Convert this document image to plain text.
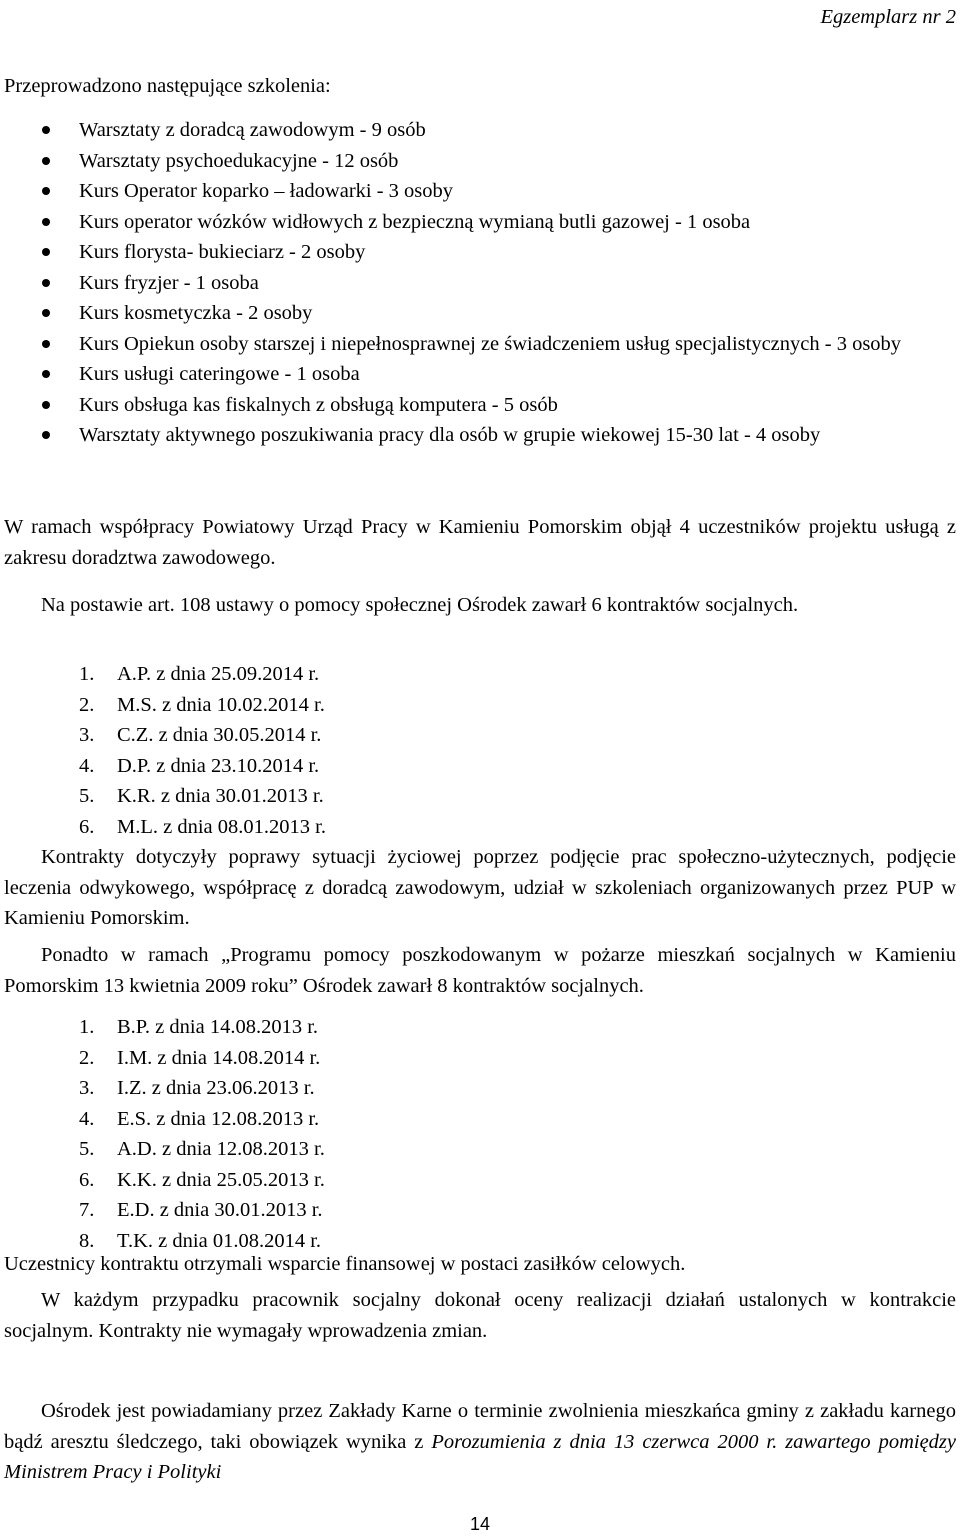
Egzemplarz nr 2

Przeprowadzono następujące szkolenia:

Warsztaty z doradcą zawodowym - 9 osób
Warsztaty psychoedukacyjne - 12 osób
Kurs Operator koparko – ładowarki - 3 osoby
Kurs operator wózków widłowych z bezpieczną wymianą butli gazowej - 1 osoba
Kurs florysta- bukieciarz - 2 osoby
Kurs fryzjer - 1 osoba
Kurs kosmetyczka - 2 osoby
Kurs Opiekun osoby starszej i niepełnosprawnej ze świadczeniem usług specjalistycznych - 3 osoby
Kurs usługi cateringowe - 1 osoba
Kurs obsługa kas fiskalnych z obsługą komputera - 5 osób
Warsztaty aktywnego poszukiwania pracy dla osób w grupie wiekowej 15-30 lat - 4 osoby

W ramach współpracy Powiatowy Urząd Pracy w Kamieniu Pomorskim objął 4 uczestników projektu usługą z zakresu doradztwa zawodowego.

Na postawie art. 108 ustawy o pomocy społecznej Ośrodek zawarł 6 kontraktów socjalnych.

1. A.P. z dnia 25.09.2014 r.
2. M.S. z dnia 10.02.2014 r.
3. C.Z. z dnia 30.05.2014 r.
4. D.P. z dnia 23.10.2014 r.
5. K.R. z dnia 30.01.2013 r.
6. M.L. z dnia 08.01.2013 r.

Kontrakty dotyczyły poprawy sytuacji życiowej poprzez podjęcie prac społeczno-użytecznych, podjęcie leczenia odwykowego, współpracę z doradcą zawodowym, udział w szkoleniach organizowanych przez PUP w Kamieniu Pomorskim.

Ponadto w ramach „Programu pomocy poszkodowanym w pożarze mieszkań socjalnych w Kamieniu Pomorskim 13 kwietnia 2009 roku” Ośrodek zawarł 8 kontraktów socjalnych.

1. B.P. z dnia 14.08.2013 r.
2. I.M. z dnia 14.08.2014 r.
3. I.Z. z dnia 23.06.2013 r.
4. E.S. z dnia 12.08.2013 r.
5. A.D. z dnia 12.08.2013 r.
6. K.K. z dnia 25.05.2013 r.
7. E.D. z dnia 30.01.2013 r.
8. T.K. z dnia 01.08.2014 r.

Uczestnicy kontraktu otrzymali wsparcie finansowej w postaci zasiłków celowych.

W każdym przypadku pracownik socjalny dokonał oceny realizacji działań ustalonych w kontrakcie socjalnym. Kontrakty nie wymagały wprowadzenia zmian.

Ośrodek jest powiadamiany przez Zakłady Karne o terminie zwolnienia mieszkańca gminy z zakładu karnego bądź aresztu śledczego, taki obowiązek wynika z Porozumienia z dnia 13 czerwca 2000 r. zawartego pomiędzy Ministrem Pracy i Polityki

14
